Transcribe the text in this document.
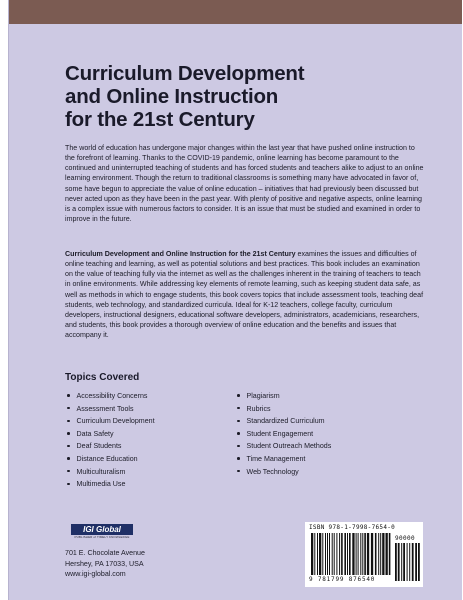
Curriculum Development
and Online Instruction
for the 21st Century
The world of education has undergone major changes within the last year that have pushed online instruction to the forefront of learning. Thanks to the COVID-19 pandemic, online learning has become paramount to the continued and uninterrupted teaching of students and has forced students and teachers alike to adjust to an online learning environment. Though the return to traditional classrooms is something many have advocated in favor of, some have begun to appreciate the value of online education – initiatives that had previously been discussed but never acted upon as they have been in the past year. With plenty of positive and negative aspects, online learning is a complex issue with numerous factors to consider. It is an issue that must be studied and examined in order to improve in the future.
Curriculum Development and Online Instruction for the 21st Century examines the issues and difficulties of online teaching and learning, as well as potential solutions and best practices. This book includes an examination on the value of teaching fully via the internet as well as the challenges inherent in the training of teachers to teach in online environments. While addressing key elements of remote learning, such as keeping student data safe, as well as methods in which to engage students, this book covers topics that include assessment tools, teaching deaf students, web technology, and standardized curricula. Ideal for K-12 teachers, college faculty, curriculum developers, instructional designers, educational software developers, administrators, academicians, researchers, and students, this book provides a thorough overview of online education and the benefits and issues that accompany it.
Topics Covered
Accessibility Concerns
Assessment Tools
Curriculum Development
Data Safety
Deaf Students
Distance Education
Multiculturalism
Multimedia Use
Plagiarism
Rubrics
Standardized Curriculum
Student Engagement
Student Outreach Methods
Time Management
Web Technology
IGI Global
PUBLISHER of TIMELY KNOWLEDGE
701 E. Chocolate Avenue
Hershey, PA 17033, USA
www.igi-global.com
ISBN 978-1-7998-7654-0
90000
9 781799 876540
